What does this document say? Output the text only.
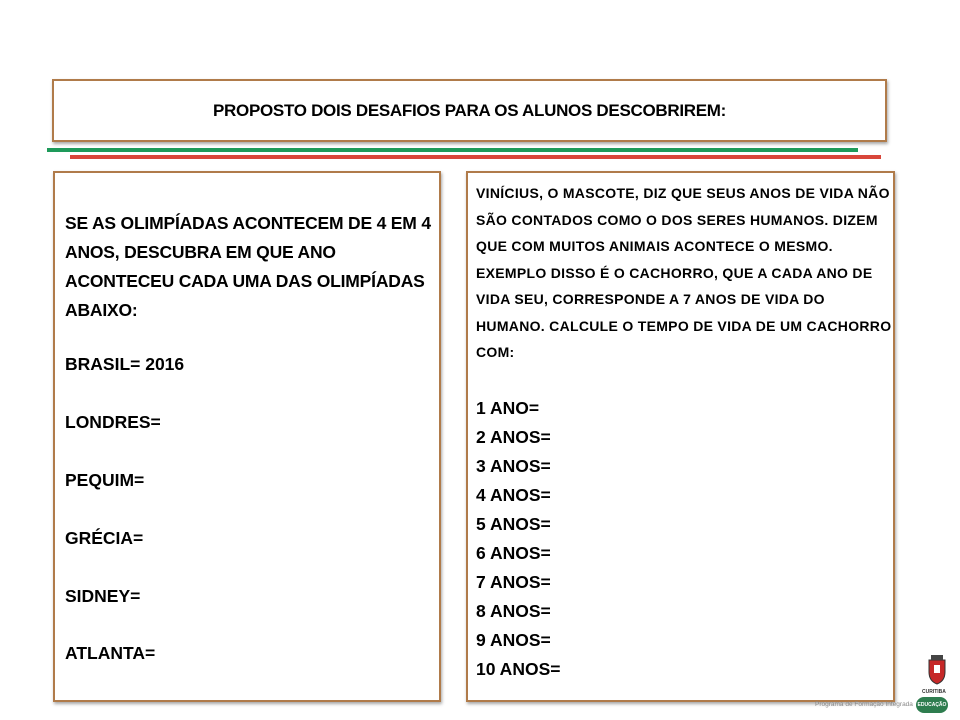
PROPOSTO DOIS DESAFIOS PARA OS ALUNOS DESCOBRIREM:

SE AS OLIMPÍADAS ACONTECEM DE 4 EM 4 ANOS, DESCUBRA EM QUE ANO ACONTECEU CADA UMA DAS OLIMPÍADAS ABAIXO:

BRASIL= 2016

LONDRES=

PEQUIM=

GRÉCIA=

SIDNEY=

ATLANTA=

VINÍCIUS, O MASCOTE, DIZ QUE SEUS ANOS DE VIDA NÃO SÃO CONTADOS COMO O DOS SERES HUMANOS. DIZEM QUE COM MUITOS ANIMAIS ACONTECE O MESMO. EXEMPLO DISSO É O CACHORRO, QUE A CADA ANO DE VIDA SEU, CORRESPONDE A 7 ANOS DE VIDA DO HUMANO. CALCULE O TEMPO DE VIDA DE UM CACHORRO COM:

1 ANO=
2 ANOS=
3 ANOS=
4 ANOS=
5 ANOS=
6 ANOS=
7 ANOS=
8 ANOS=
9 ANOS=
10 ANOS=
CURITIBA
Programa de Formação Integrada EDUCAÇÃO
